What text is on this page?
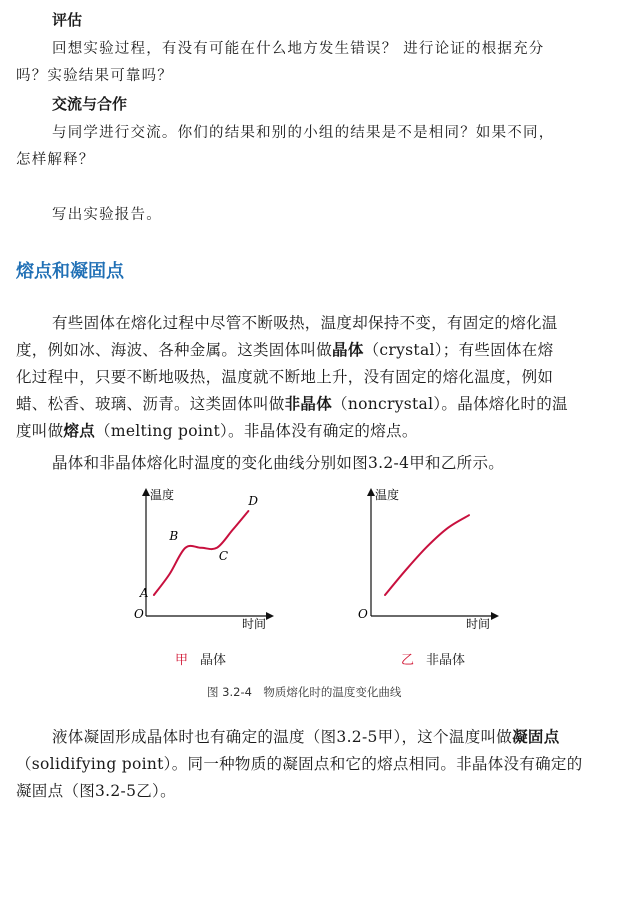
评估
回想实验过程，有没有可能在什么地方发生错误？ 进行论证的根据充分
吗？实验结果可靠吗？
交流与合作
与同学进行交流。你们的结果和别的小组的结果是不是相同？如果不同，
怎样解释？
写出实验报告。
熔点和凝固点
有些固体在熔化过程中尽管不断吸热，温度却保持不变，有固定的熔化温
度，例如冰、海波、各种金属。这类固体叫做晶体（crystal）；有些固体在熔
化过程中，只要不断地吸热，温度就不断地上升，没有固定的熔化温度，例如
蜡、松香、玻璃、沥青。这类固体叫做非晶体（noncrystal）。晶体熔化时的温
度叫做熔点（melting point）。非晶体没有确定的熔点。
晶体和非晶体熔化时温度的变化曲线分别如图3.2-4甲和乙所示。
温度
时间
O
A
B
C
D	温度
时间
O
甲 晶体	乙 非晶体
图 3.2-4　物质熔化时的温度变化曲线
液体凝固形成晶体时也有确定的温度（图3.2-5甲），这个温度叫做凝固点
（solidifying point）。同一种物质的凝固点和它的熔点相同。非晶体没有确定的
凝固点（图3.2-5乙）。
